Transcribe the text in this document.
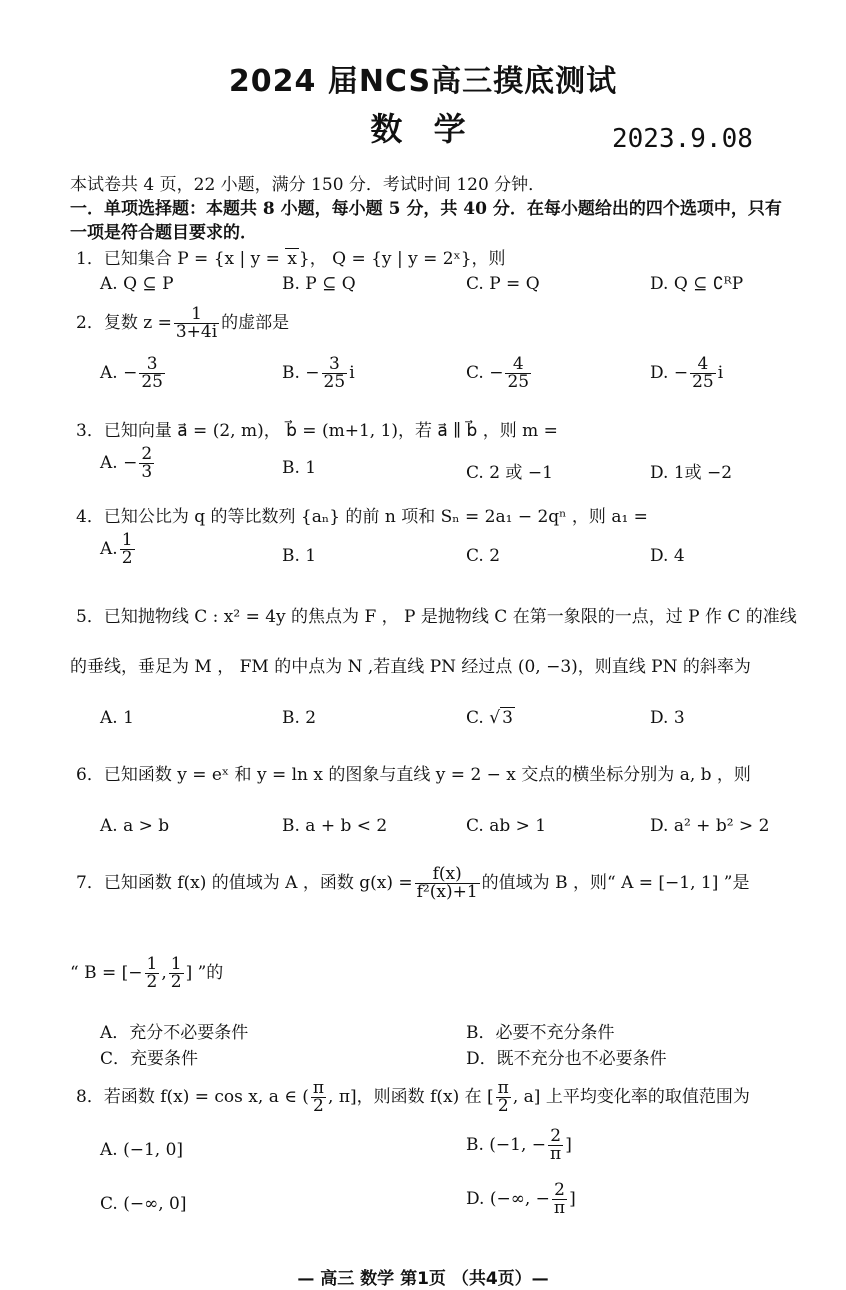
2024 届NCS高三摸底测试
数 学	2023.9.08
本试卷共 4 页，22 小题，满分 150 分．考试时间 120 分钟．
一．单项选择题：本题共 8 小题，每小题 5 分，共 40 分．在每小题给出的四个选项中，只有
一项是符合题目要求的．
1．已知集合 P = {x | y = x }， Q = {y | y = 2ˣ}，则
A. Q ⊆ P	B. P ⊆ Q	C. P = Q	D. Q ⊆ ∁ᴿP
2．复数 $z = \frac{1}{3+4i}$ 的虚部是
A. − $\frac{3}{25}$	B. − $\frac{3}{25}$ i	C. − $\frac{4}{25}$	D. − $\frac{4}{25}$ i
3．已知向量 a⃗ = (2, m)， b⃗ = (m+1, 1)，若 a⃗ ∥ b⃗ ，则 m =
A. − $\frac{2}{3}$	B. 1	C. 2 或 −1	D. 1或 −2
4．已知公比为 q 的等比数列 {aₙ} 的前 n 项和 Sₙ = 2a₁ − 2qⁿ ，则 a₁ =
A. $\frac{1}{2}$	B. 1	C. 2	D. 4
5．已知抛物线 C : x² = 4y 的焦点为 F ， P 是抛物线 C 在第一象限的一点，过 P 作 C 的准线
的垂线，垂足为 M ， FM 的中点为 N ,若直线 PN 经过点 (0, −3)，则直线 PN 的斜率为
A. 1	B. 2	C. √ 3	D. 3
6．已知函数 y = eˣ 和 y = ln x 的图象与直线 y = 2 − x 交点的横坐标分别为 a, b ，则
A. a > b	B. a + b < 2	C. ab > 1	D. a² + b² > 2
7．已知函数 f(x) 的值域为 A ，函数 $g(x) = \frac{f(x)}{\text{f²(x)+1}}$ 的值域为 B ，则“ A = [−1, 1] ”是
“ B = [− $\frac{1}{2}$ , $\frac{1}{2}$ ] ”的
A．充分不必要条件	B．必要不充分条件
C．充要条件	D．既不充分也不必要条件
8．若函数 f(x) = cos x, a ∈ ( $\frac{\pi}{2}$ , π]，则函数 f(x) 在 [ $\frac{\pi}{2}$ , a] 上平均变化率的取值范围为
A. (−1, 0]	B. (−1, − $\frac{2}{\pi}$ ]
C. (−∞, 0]	D. (−∞, − $\frac{2}{\pi}$ ]
— 高三 数学 第1页 （共4页）—
